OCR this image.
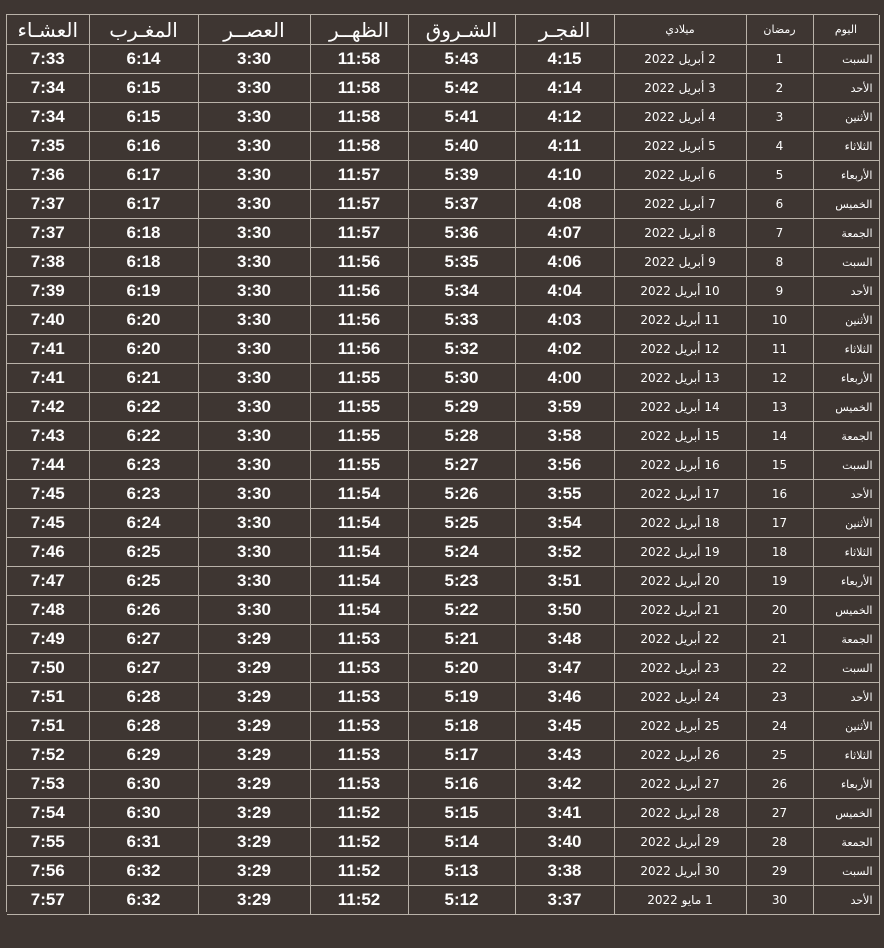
اليوم	رمضان	ميلادي	الفجـر	الشـروق	الظهــر	العصــر	المغـرب	العشـاء
السبت	1	2 أبريل 2022	4:15	5:43	11:58	3:30	6:14	7:33
الأحد	2	3 أبريل 2022	4:14	5:42	11:58	3:30	6:15	7:34
الأثنين	3	4 أبريل 2022	4:12	5:41	11:58	3:30	6:15	7:34
الثلاثاء	4	5 أبريل 2022	4:11	5:40	11:58	3:30	6:16	7:35
الأربعاء	5	6 أبريل 2022	4:10	5:39	11:57	3:30	6:17	7:36
الخميس	6	7 أبريل 2022	4:08	5:37	11:57	3:30	6:17	7:37
الجمعة	7	8 أبريل 2022	4:07	5:36	11:57	3:30	6:18	7:37
السبت	8	9 أبريل 2022	4:06	5:35	11:56	3:30	6:18	7:38
الأحد	9	10 أبريل 2022	4:04	5:34	11:56	3:30	6:19	7:39
الأثنين	10	11 أبريل 2022	4:03	5:33	11:56	3:30	6:20	7:40
الثلاثاء	11	12 أبريل 2022	4:02	5:32	11:56	3:30	6:20	7:41
الأربعاء	12	13 أبريل 2022	4:00	5:30	11:55	3:30	6:21	7:41
الخميس	13	14 أبريل 2022	3:59	5:29	11:55	3:30	6:22	7:42
الجمعة	14	15 أبريل 2022	3:58	5:28	11:55	3:30	6:22	7:43
السبت	15	16 أبريل 2022	3:56	5:27	11:55	3:30	6:23	7:44
الأحد	16	17 أبريل 2022	3:55	5:26	11:54	3:30	6:23	7:45
الأثنين	17	18 أبريل 2022	3:54	5:25	11:54	3:30	6:24	7:45
الثلاثاء	18	19 أبريل 2022	3:52	5:24	11:54	3:30	6:25	7:46
الأربعاء	19	20 أبريل 2022	3:51	5:23	11:54	3:30	6:25	7:47
الخميس	20	21 أبريل 2022	3:50	5:22	11:54	3:30	6:26	7:48
الجمعة	21	22 أبريل 2022	3:48	5:21	11:53	3:29	6:27	7:49
السبت	22	23 أبريل 2022	3:47	5:20	11:53	3:29	6:27	7:50
الأحد	23	24 أبريل 2022	3:46	5:19	11:53	3:29	6:28	7:51
الأثنين	24	25 أبريل 2022	3:45	5:18	11:53	3:29	6:28	7:51
الثلاثاء	25	26 أبريل 2022	3:43	5:17	11:53	3:29	6:29	7:52
الأربعاء	26	27 أبريل 2022	3:42	5:16	11:53	3:29	6:30	7:53
الخميس	27	28 أبريل 2022	3:41	5:15	11:52	3:29	6:30	7:54
الجمعة	28	29 أبريل 2022	3:40	5:14	11:52	3:29	6:31	7:55
السبت	29	30 أبريل 2022	3:38	5:13	11:52	3:29	6:32	7:56
الأحد	30	1 مايو 2022	3:37	5:12	11:52	3:29	6:32	7:57
